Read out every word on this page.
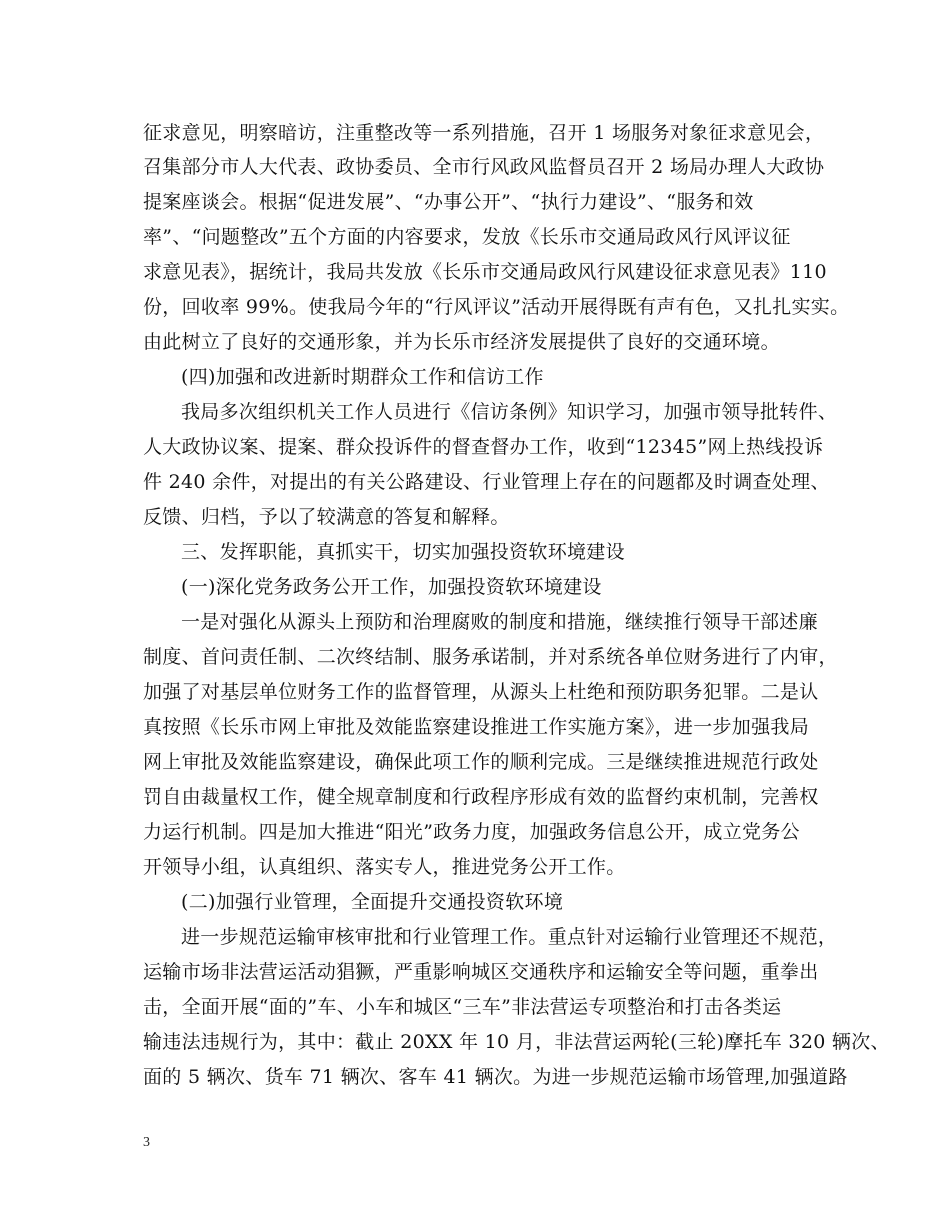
征求意见，明察暗访，注重整改等一系列措施，召开 1 场服务对象征求意见会，
召集部分市人大代表、政协委员、全市行风政风监督员召开 2 场局办理人大政协
提案座谈会。根据“促进发展”、“办事公开”、“执行力建设”、“服务和效
率”、“问题整改”五个方面的内容要求，发放《长乐市交通局政风行风评议征
求意见表》，据统计，我局共发放《长乐市交通局政风行风建设征求意见表》110
份，回收率 99%。使我局今年的“行风评议”活动开展得既有声有色，又扎扎实实。
由此树立了良好的交通形象，并为长乐市经济发展提供了良好的交通环境。
(四)加强和改进新时期群众工作和信访工作
我局多次组织机关工作人员进行《信访条例》知识学习，加强市领导批转件、
人大政协议案、提案、群众投诉件的督查督办工作，收到“12345”网上热线投诉
件 240 余件，对提出的有关公路建设、行业管理上存在的问题都及时调查处理、
反馈、归档，予以了较满意的答复和解释。
三、发挥职能，真抓实干，切实加强投资软环境建设
(一)深化党务政务公开工作，加强投资软环境建设
一是对强化从源头上预防和治理腐败的制度和措施，继续推行领导干部述廉
制度、首问责任制、二次终结制、服务承诺制，并对系统各单位财务进行了内审，
加强了对基层单位财务工作的监督管理，从源头上杜绝和预防职务犯罪。二是认
真按照《长乐市网上审批及效能监察建设推进工作实施方案》，进一步加强我局
网上审批及效能监察建设，确保此项工作的顺利完成。三是继续推进规范行政处
罚自由裁量权工作，健全规章制度和行政程序形成有效的监督约束机制，完善权
力运行机制。四是加大推进“阳光”政务力度，加强政务信息公开，成立党务公
开领导小组，认真组织、落实专人，推进党务公开工作。
(二)加强行业管理，全面提升交通投资软环境
进一步规范运输审核审批和行业管理工作。重点针对运输行业管理还不规范，
运输市场非法营运活动猖獗，严重影响城区交通秩序和运输安全等问题，重拳出
击，全面开展“面的”车、小车和城区“三车”非法营运专项整治和打击各类运
输违法违规行为，其中：截止 20XX 年 10 月，非法营运两轮(三轮)摩托车 320 辆次、
面的 5 辆次、货车 71 辆次、客车 41 辆次。为进一步规范运输市场管理,加强道路
3
